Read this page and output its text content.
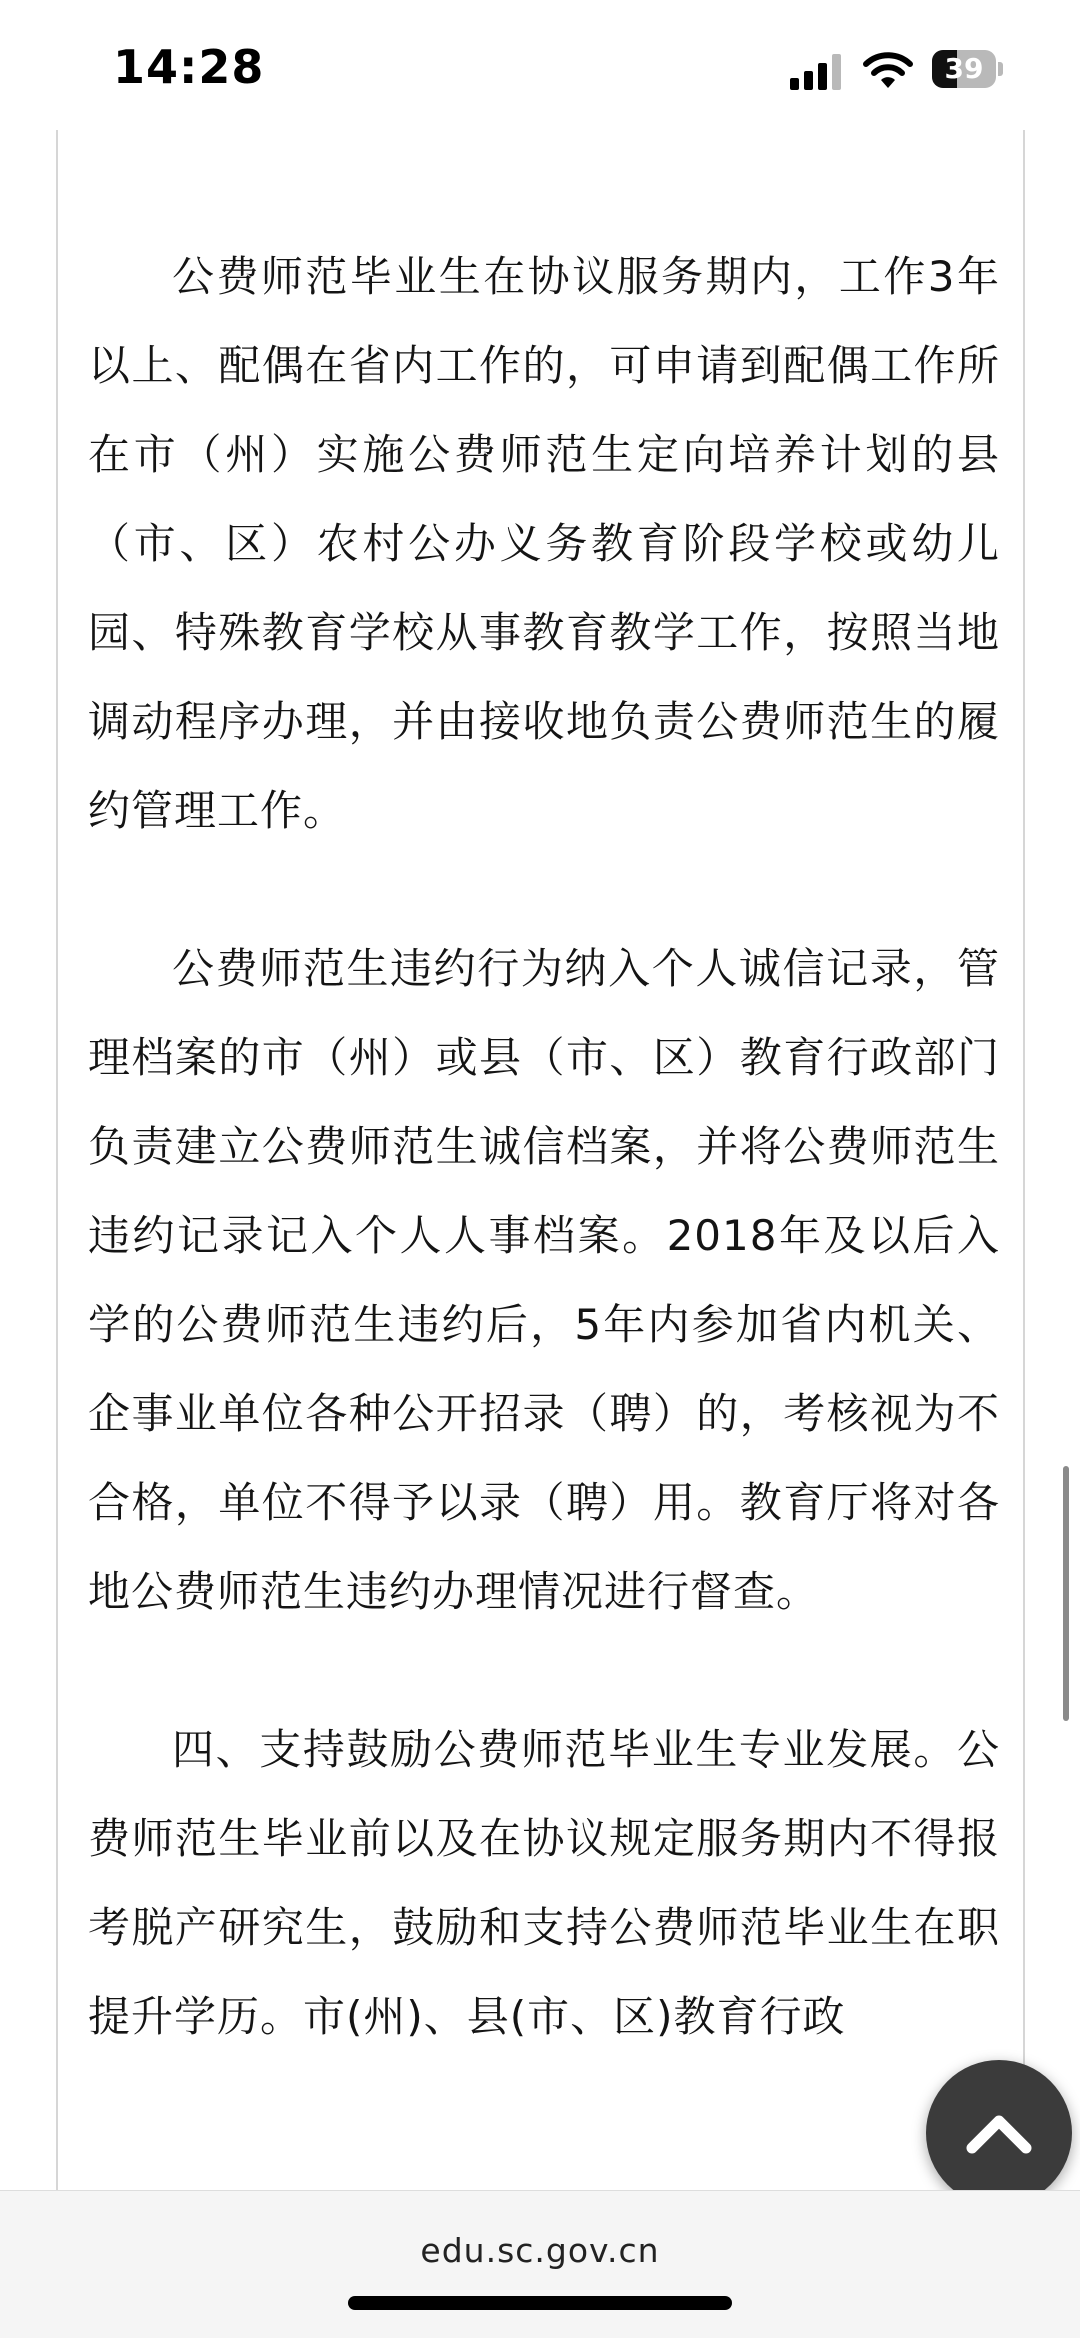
14:28	39

公费师范毕业生在协议服务期内，工作3年以上、配偶在省内工作的，可申请到配偶工作所在市（州）实施公费师范生定向培养计划的县（市、区）农村公办义务教育阶段学校或幼儿园、特殊教育学校从事教育教学工作，按照当地调动程序办理，并由接收地负责公费师范生的履约管理工作。

公费师范生违约行为纳入个人诚信记录，管理档案的市（州）或县（市、区）教育行政部门负责建立公费师范生诚信档案，并将公费师范生违约记录记入个人人事档案。2018年及以后入学的公费师范生违约后，5年内参加省内机关、企事业单位各种公开招录（聘）的，考核视为不合格，单位不得予以录（聘）用。教育厅将对各地公费师范生违约办理情况进行督查。

四、支持鼓励公费师范毕业生专业发展。公费师范生毕业前以及在协议规定服务期内不得报考脱产研究生，鼓励和支持公费师范毕业生在职提升学历。市(州)、县(市、区)教育行政

edu.sc.gov.cn
